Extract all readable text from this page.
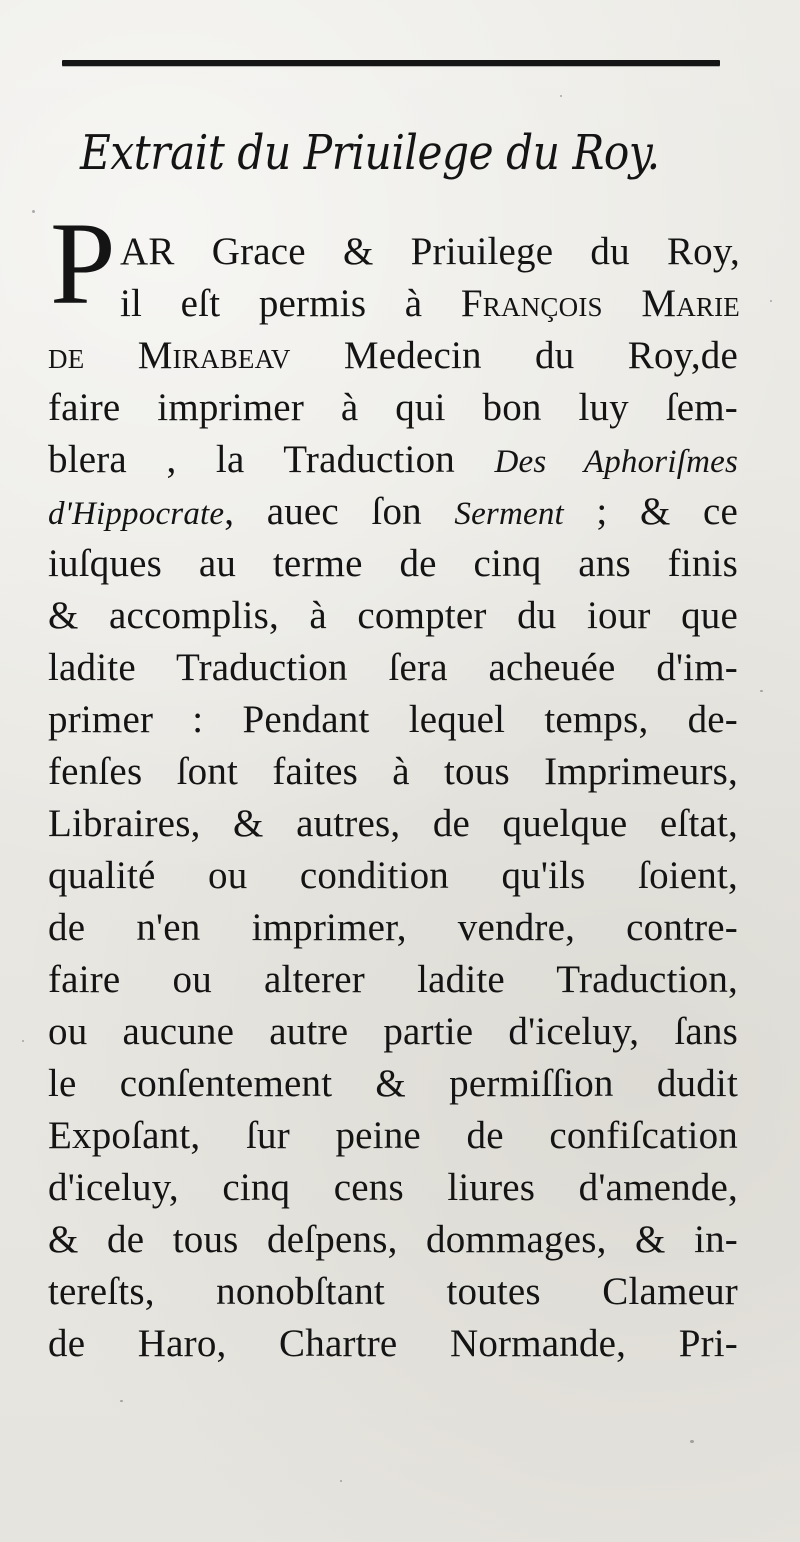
Extrait du Priuilege du Roy.
P AR Grace & Priuilege du Roy,
il eſt permis à François Marie
de Mirabeav Medecin du Roy,de
faire imprimer à qui bon luy ſem-
blera , la Traduction Des Aphoriſmes
d'Hippocrate, auec ſon Serment ; & ce
iuſques au terme de cinq ans finis
& accomplis, à compter du iour que
ladite Traduction ſera acheuée d'im-
primer : Pendant lequel temps, de-
fenſes ſont faites à tous Imprimeurs,
Libraires, & autres, de quelque eſtat,
qualité ou condition qu'ils ſoient,
de n'en imprimer, vendre, contre-
faire ou alterer ladite Traduction,
ou aucune autre partie d'iceluy, ſans
le conſentement & permiſſion dudit
Expoſant, ſur peine de confiſcation
d'iceluy, cinq cens liures d'amende,
& de tous deſpens, dommages, & in-
tereſts, nonobſtant toutes Clameur
de Haro, Chartre Normande, Pri-
